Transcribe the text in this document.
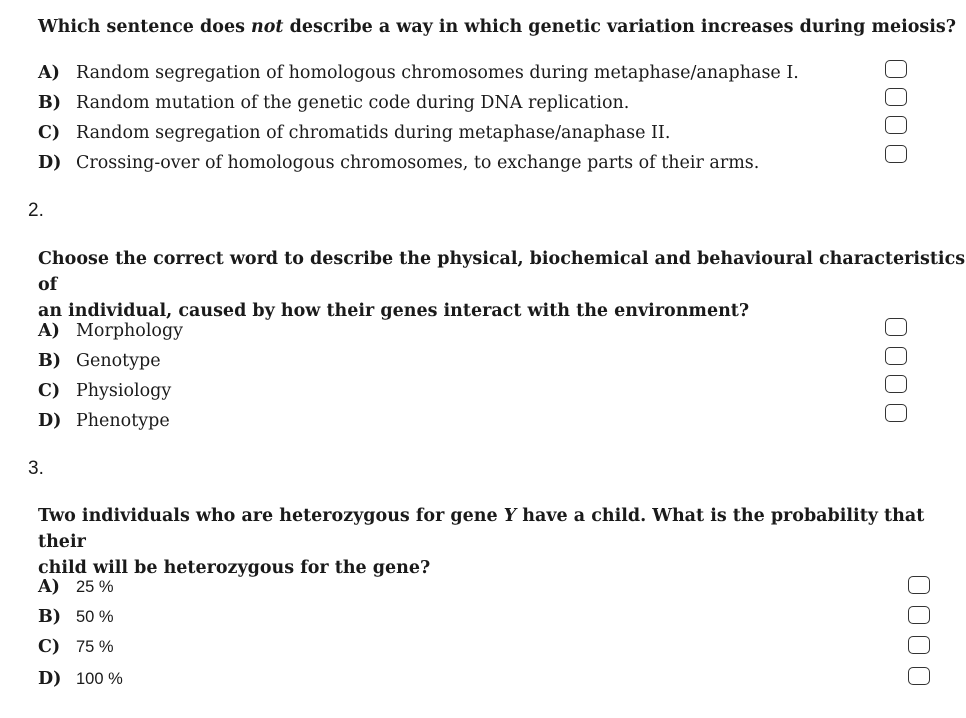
Which sentence does not describe a way in which genetic variation increases during meiosis?
A) Random segregation of homologous chromosomes during metaphase/anaphase I.
B) Random mutation of the genetic code during DNA replication.
C) Random segregation of chromatids during metaphase/anaphase II.
D) Crossing-over of homologous chromosomes, to exchange parts of their arms.
2.
Choose the correct word to describe the physical, biochemical and behavioural characteristics of
an individual, caused by how their genes interact with the environment?
A) Morphology
B) Genotype
C) Physiology
D) Phenotype
3.
Two individuals who are heterozygous for gene Y have a child. What is the probability that their
child will be heterozygous for the gene?
A) 25 %
B) 50 %
C) 75 %
D) 100 %
